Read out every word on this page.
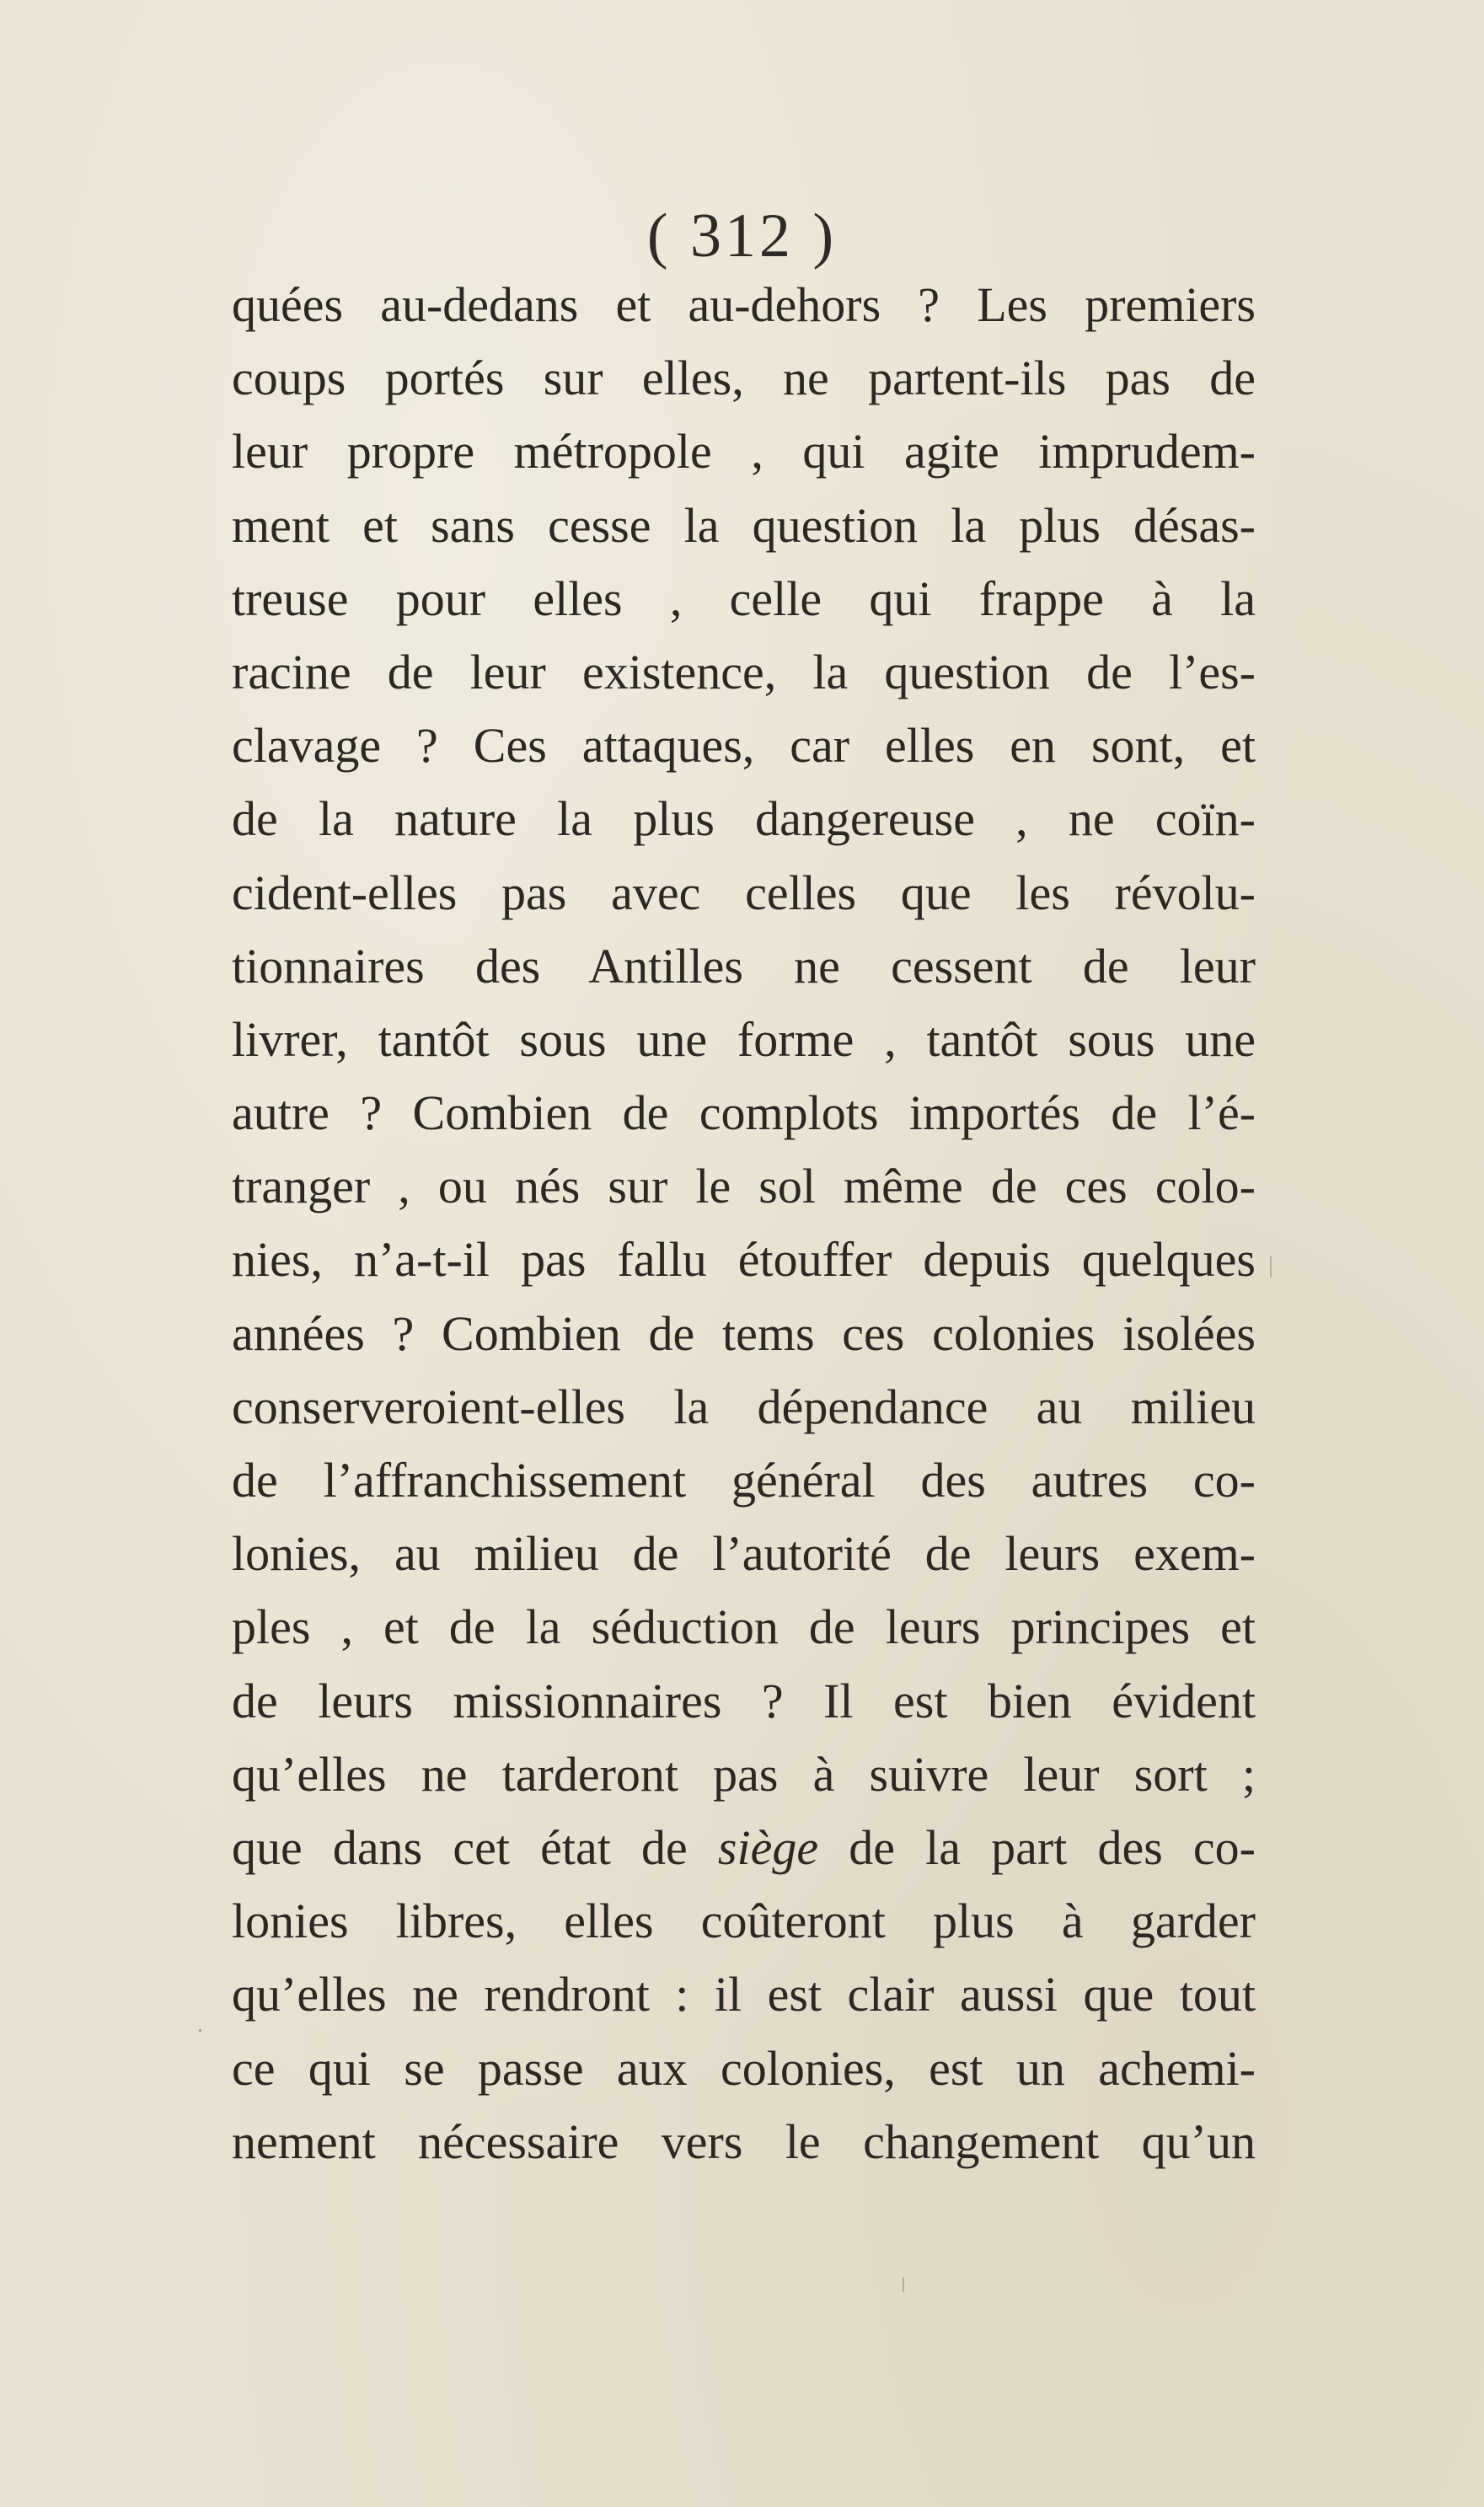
( 312 )
quées au-dedans et au-dehors ? Les premiers
coups portés sur elles, ne partent-ils pas de
leur propre métropole , qui agite imprudem-
ment et sans cesse la question la plus désas-
treuse pour elles , celle qui frappe à la
racine de leur existence, la question de l’es-
clavage ? Ces attaques, car elles en sont, et
de la nature la plus dangereuse , ne coïn-
cident-elles pas avec celles que les révolu-
tionnaires des Antilles ne cessent de leur
livrer, tantôt sous une forme , tantôt sous une
autre ? Combien de complots importés de l’é-
tranger , ou nés sur le sol même de ces colo-
nies, n’a-t-il pas fallu étouffer depuis quelques
années ? Combien de tems ces colonies isolées
conserveroient-elles la dépendance au milieu
de l’affranchissement général des autres co-
lonies, au milieu de l’autorité de leurs exem-
ples , et de la séduction de leurs principes et
de leurs missionnaires ? Il est bien évident
qu’elles ne tarderont pas à suivre leur sort ;
que dans cet état de siège de la part des co-
lonies libres, elles coûteront plus à garder
qu’elles ne rendront : il est clair aussi que tout
ce qui se passe aux colonies, est un achemi-
nement nécessaire vers le changement qu’un
